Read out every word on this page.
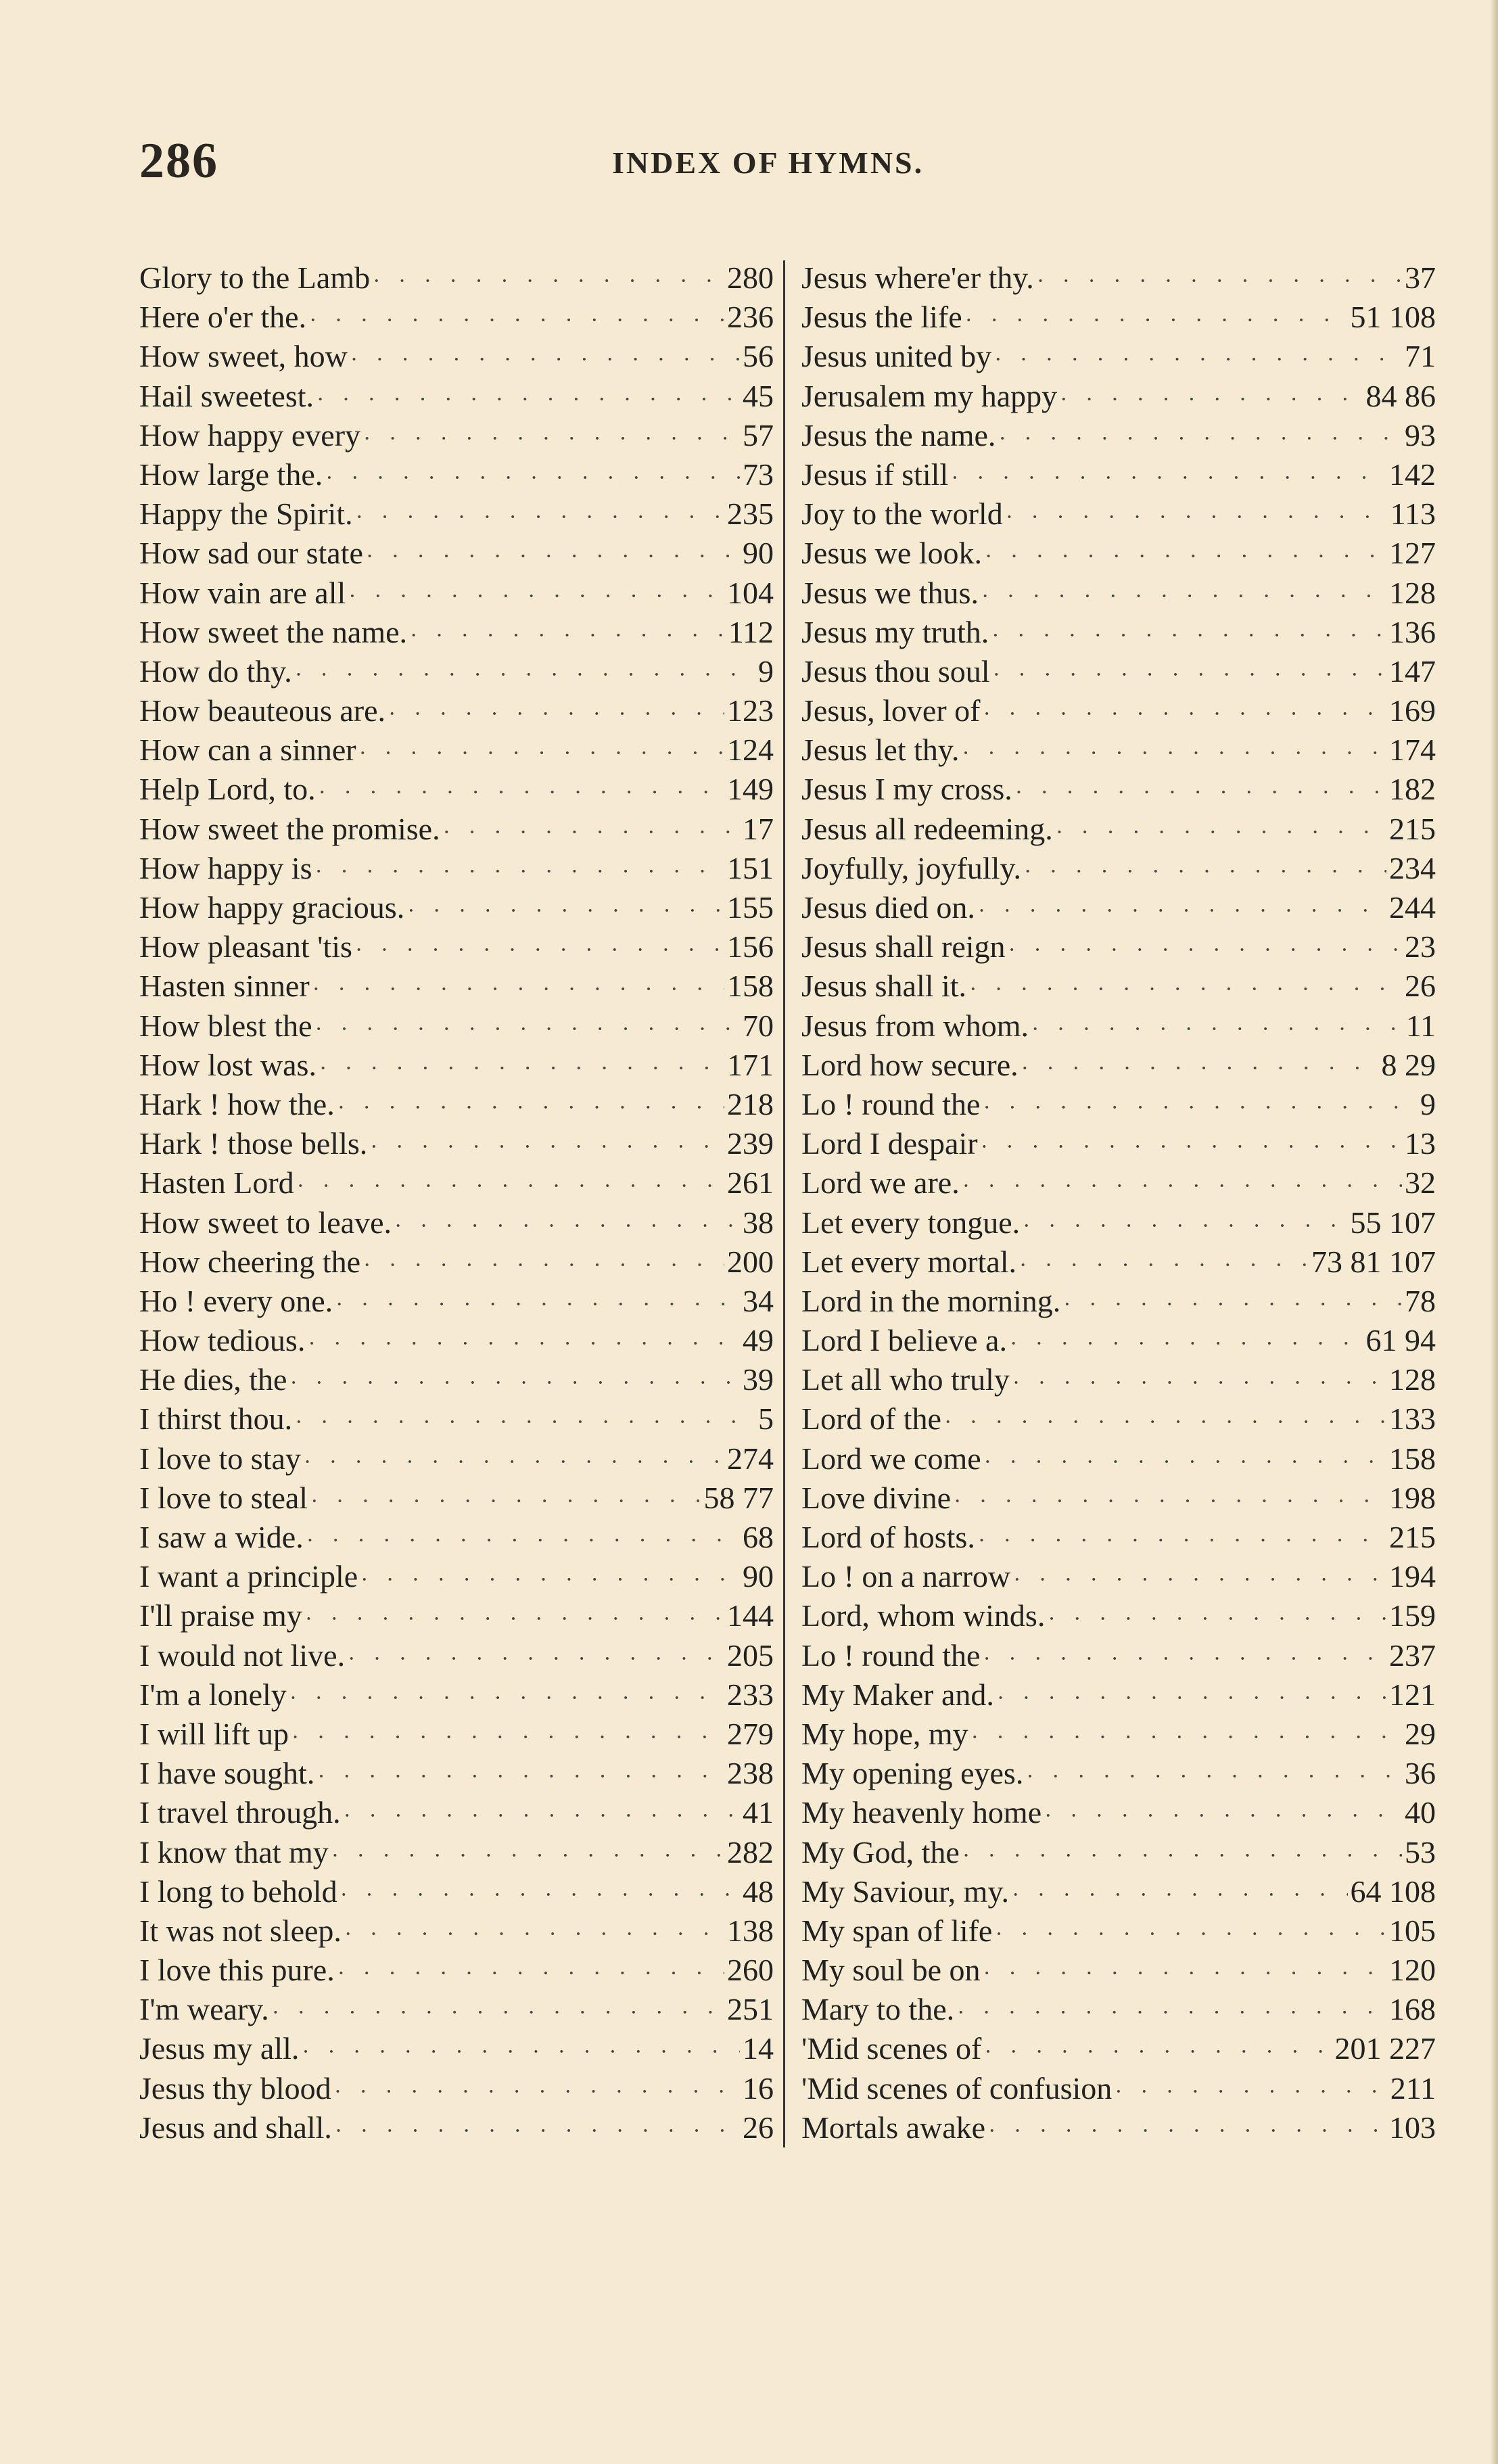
286	INDEX OF HYMNS.
Glory to the Lamb · · ·	280
Here o'er the. · · ·	236
How sweet, how · · ·	56
Hail sweetest. · · ·	45
How happy every · · ·	57
How large the. · · ·	73
Happy the Spirit. · · ·	235
How sad our state · · ·	90
How vain are all · · ·	104
How sweet the name. · · ·	112
How do thy. · · ·	9
How beauteous are. · · ·	123
How can a sinner · · ·	124
Help Lord, to. · · ·	149
How sweet the promise. · · ·	17
How happy is · · ·	151
How happy gracious. · · ·	155
How pleasant 'tis · · ·	156
Hasten sinner · · ·	158
How blest the · · ·	70
How lost was. · · ·	171
Hark ! how the. · · ·	218
Hark ! those bells. · · ·	239
Hasten Lord · · ·	261
How sweet to leave. · · ·	38
How cheering the · · ·	200
Ho ! every one. · · ·	34
How tedious. · · ·	49
He dies, the · · ·	39
I thirst thou. · · ·	5
I love to stay · · ·	274
I love to steal · · ·	58 77
I saw a wide. · · ·	68
I want a principle · · ·	90
I'll praise my · · ·	144
I would not live. · · ·	205
I'm a lonely · · ·	233
I will lift up · · ·	279
I have sought. · · ·	238
I travel through. · · ·	41
I know that my · · ·	282
I long to behold · · ·	48
It was not sleep. · · ·	138
I love this pure. · · ·	260
I'm weary. · · ·	251
Jesus my all. · · ·	14
Jesus thy blood · · ·	16
Jesus and shall. · · ·	26
Jesus where'er thy. · · ·	37
Jesus the life · · ·	51 108
Jesus united by · · ·	71
Jerusalem my happy · · ·	84 86
Jesus the name. · · ·	93
Jesus if still · · ·	142
Joy to the world · · ·	113
Jesus we look. · · ·	127
Jesus we thus. · · ·	128
Jesus my truth. · · ·	136
Jesus thou soul · · ·	147
Jesus, lover of · · ·	169
Jesus let thy. · · ·	174
Jesus I my cross. · · ·	182
Jesus all redeeming. · · ·	215
Joyfully, joyfully. · · ·	234
Jesus died on. · · ·	244
Jesus shall reign · · ·	23
Jesus shall it. · · ·	26
Jesus from whom. · · ·	11
Lord how secure. · · ·	8 29
Lo ! round the · · ·	9
Lord I despair · · ·	13
Lord we are. · · ·	32
Let every tongue. · · ·	55 107
Let every mortal. · · ·	73 81 107
Lord in the morning. · · ·	78
Lord I believe a. · · ·	61 94
Let all who truly · · ·	128
Lord of the · · ·	133
Lord we come · · ·	158
Love divine · · ·	198
Lord of hosts. · · ·	215
Lo ! on a narrow · · ·	194
Lord, whom winds. · · ·	159
Lo ! round the · · ·	237
My Maker and. · · ·	121
My hope, my · · ·	29
My opening eyes. · · ·	36
My heavenly home · · ·	40
My God, the · · ·	53
My Saviour, my. · · ·	64 108
My span of life · · ·	105
My soul be on · · ·	120
Mary to the. · · ·	168
'Mid scenes of · · ·	201 227
'Mid scenes of confusion · · ·	211
Mortals awake · · ·	103
